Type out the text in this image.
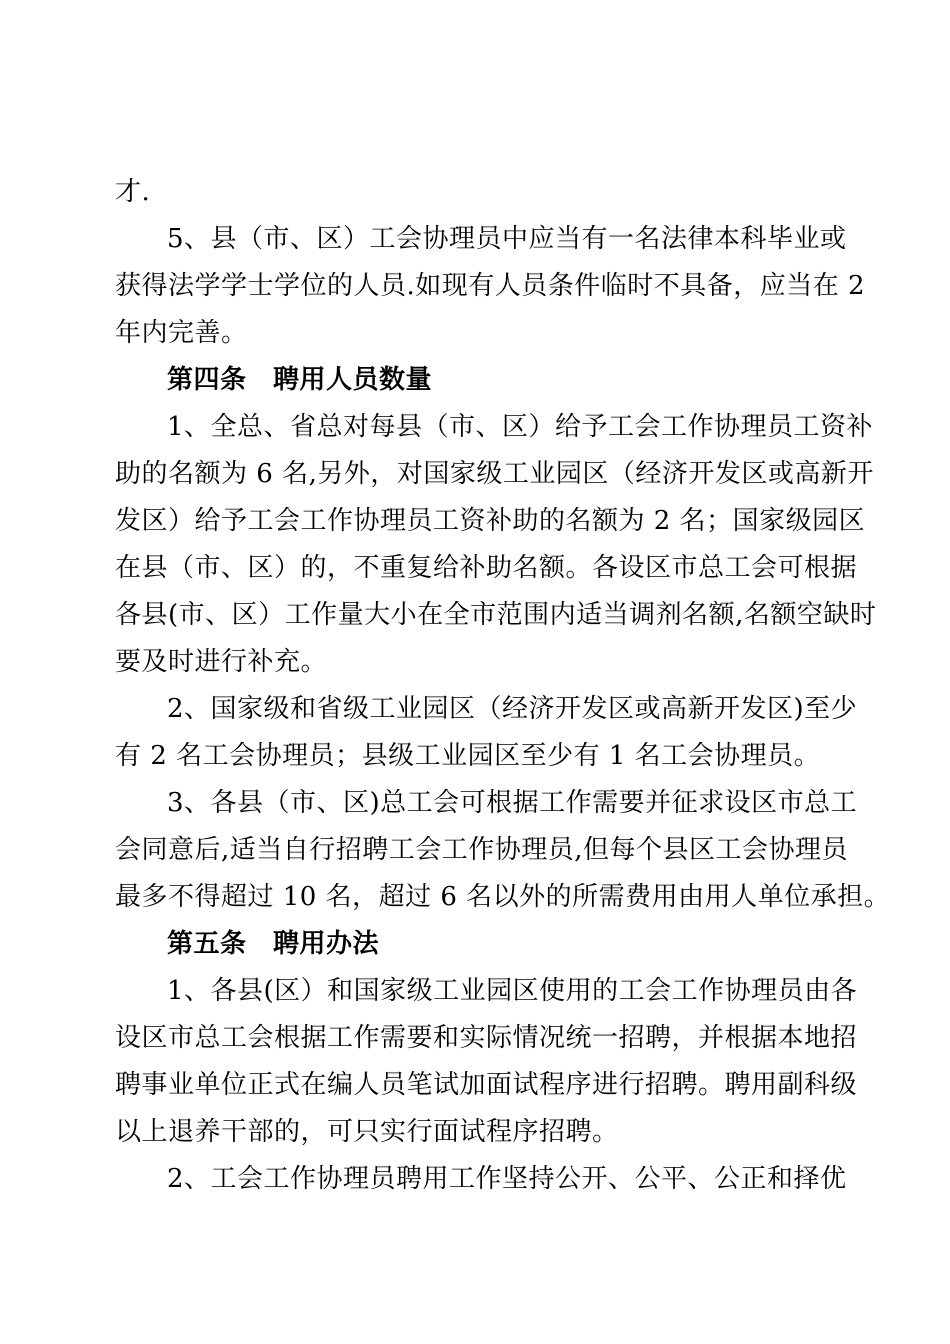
才.
5、县（市、区）工会协理员中应当有一名法律本科毕业或
获得法学学士学位的人员.如现有人员条件临时不具备，应当在 2
年内完善。
第四条　聘用人员数量
1、全总、省总对每县（市、区）给予工会工作协理员工资补
助的名额为 6 名,另外，对国家级工业园区（经济开发区或高新开
发区）给予工会工作协理员工资补助的名额为 2 名；国家级园区
在县（市、区）的，不重复给补助名额。各设区市总工会可根据
各县(市、区）工作量大小在全市范围内适当调剂名额,名额空缺时
要及时进行补充。
2、国家级和省级工业园区（经济开发区或高新开发区)至少
有 2 名工会协理员；县级工业园区至少有 1 名工会协理员。
3、各县（市、区)总工会可根据工作需要并征求设区市总工
会同意后,适当自行招聘工会工作协理员,但每个县区工会协理员
最多不得超过 10 名，超过 6 名以外的所需费用由用人单位承担。
第五条　聘用办法
1、各县(区）和国家级工业园区使用的工会工作协理员由各
设区市总工会根据工作需要和实际情况统一招聘，并根据本地招
聘事业单位正式在编人员笔试加面试程序进行招聘。聘用副科级
以上退养干部的，可只实行面试程序招聘。
2、工会工作协理员聘用工作坚持公开、公平、公正和择优
